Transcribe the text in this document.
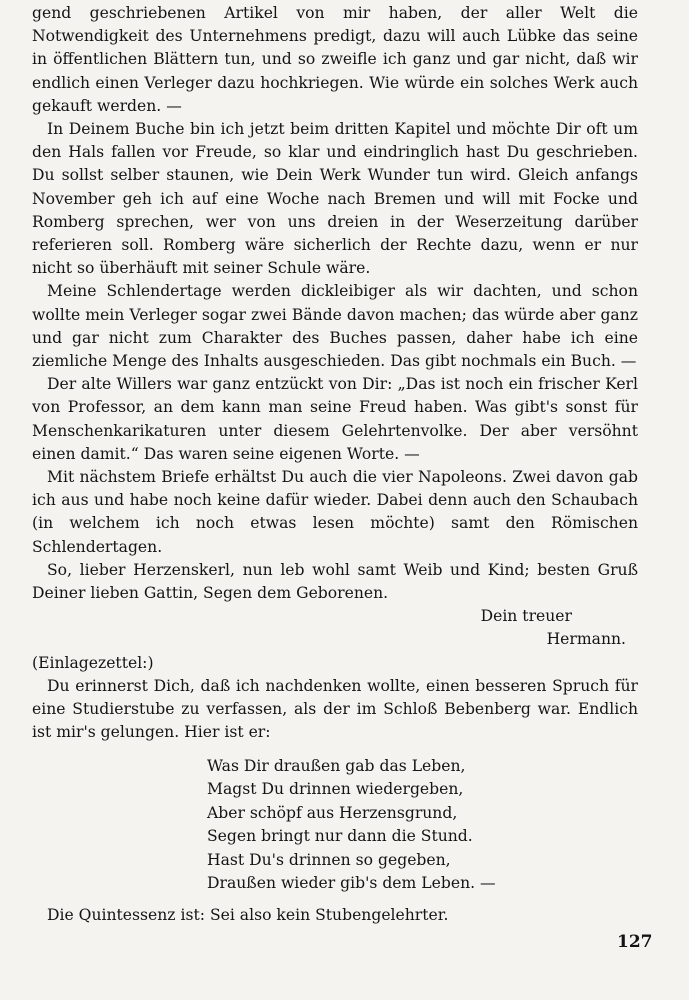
gend geschriebenen Artikel von mir haben, der aller Welt die Notwendigkeit des Unternehmens predigt, dazu will auch Lübke das seine in öffentlichen Blättern tun, und so zweifle ich ganz und gar nicht, daß wir endlich einen Verleger dazu hochkriegen. Wie würde ein solches Werk auch gekauft werden. —

In Deinem Buche bin ich jetzt beim dritten Kapitel und möchte Dir oft um den Hals fallen vor Freude, so klar und eindringlich hast Du geschrieben. Du sollst selber staunen, wie Dein Werk Wunder tun wird. Gleich anfangs November geh ich auf eine Woche nach Bremen und will mit Focke und Romberg sprechen, wer von uns dreien in der Weserzeitung darüber referieren soll. Romberg wäre sicherlich der Rechte dazu, wenn er nur nicht so überhäuft mit seiner Schule wäre.

Meine Schlendertage werden dickleibiger als wir dachten, und schon wollte mein Verleger sogar zwei Bände davon machen; das würde aber ganz und gar nicht zum Charakter des Buches passen, daher habe ich eine ziemliche Menge des Inhalts ausgeschieden. Das gibt nochmals ein Buch. —

Der alte Willers war ganz entzückt von Dir: „Das ist noch ein frischer Kerl von Professor, an dem kann man seine Freud haben. Was gibt's sonst für Menschenkarikaturen unter diesem Gelehrtenvolke. Der aber versöhnt einen damit.“ Das waren seine eigenen Worte. —

Mit nächstem Briefe erhältst Du auch die vier Napoleons. Zwei davon gab ich aus und habe noch keine dafür wieder. Dabei denn auch den Schaubach (in welchem ich noch etwas lesen möchte) samt den Römischen Schlendertagen.

So, lieber Herzenskerl, nun leb wohl samt Weib und Kind; besten Gruß Deiner lieben Gattin, Segen dem Geborenen.

Dein treuer
Hermann.

(Einlagezettel:)

Du erinnerst Dich, daß ich nachdenken wollte, einen besseren Spruch für eine Studierstube zu verfassen, als der im Schloß Bebenberg war. Endlich ist mir's gelungen. Hier ist er:

Was Dir draußen gab das Leben,
Magst Du drinnen wiedergeben,
Aber schöpf aus Herzensgrund,
Segen bringt nur dann die Stund.
Hast Du's drinnen so gegeben,
Draußen wieder gib's dem Leben. —

Die Quintessenz ist: Sei also kein Stubengelehrter.

127
